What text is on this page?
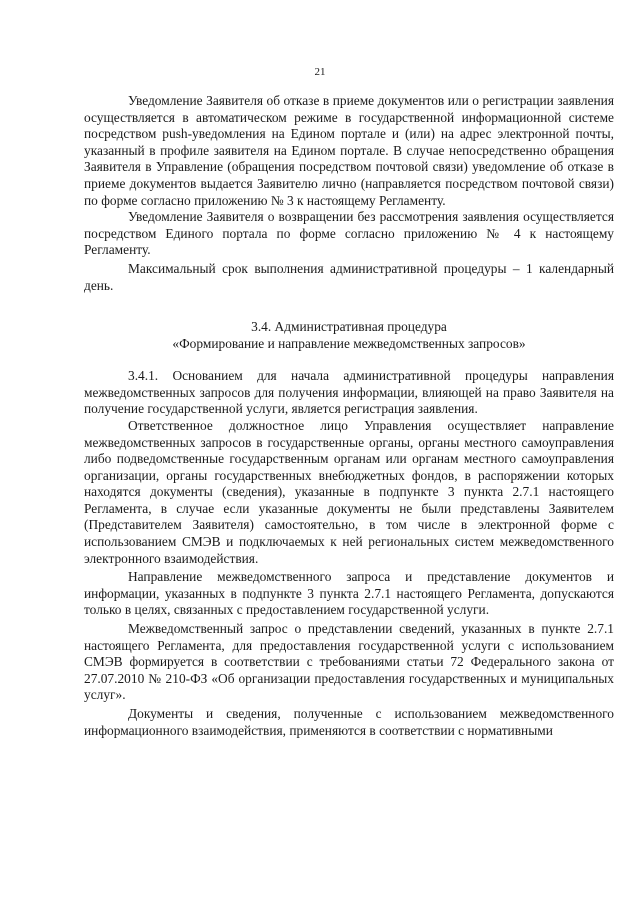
21

Уведомление Заявителя об отказе в приеме документов или о регистрации заявления осуществляется в автоматическом режиме в государственной информационной системе посредством push-уведомления на Едином портале и (или) на адрес электронной почты, указанный в профиле заявителя на Едином портале. В случае непосредственно обращения Заявителя в Управление (обращения посредством почтовой связи) уведомление об отказе в приеме документов выдается Заявителю лично (направляется посредством почтовой связи) по форме согласно приложению № 3 к настоящему Регламенту.

Уведомление Заявителя о возвращении без рассмотрения заявления осуществляется посредством Единого портала по форме согласно приложению № 4 к настоящему Регламенту.

Максимальный срок выполнения административной процедуры – 1 календарный день.

3.4. Административная процедура

«Формирование и направление межведомственных запросов»

3.4.1. Основанием для начала административной процедуры направления межведомственных запросов для получения информации, влияющей на право Заявителя на получение государственной услуги, является регистрация заявления.

Ответственное должностное лицо Управления осуществляет направление межведомственных запросов в государственные органы, органы местного самоуправления либо подведомственные государственным органам или органам местного самоуправления организации, органы государственных внебюджетных фондов, в распоряжении которых находятся документы (сведения), указанные в подпункте 3 пункта 2.7.1 настоящего Регламента, в случае если указанные документы не были представлены Заявителем (Представителем Заявителя) самостоятельно, в том числе в электронной форме с использованием СМЭВ и подключаемых к ней региональных систем межведомственного электронного взаимодействия.

Направление межведомственного запроса и представление документов и информации, указанных в подпункте 3 пункта 2.7.1 настоящего Регламента, допускаются только в целях, связанных с предоставлением государственной услуги.

Межведомственный запрос о представлении сведений, указанных в пункте 2.7.1 настоящего Регламента, для предоставления государственной услуги с использованием СМЭВ формируется в соответствии с требованиями статьи 72 Федерального закона от 27.07.2010 № 210-ФЗ «Об организации предоставления государственных и муниципальных услуг».

Документы и сведения, полученные с использованием межведомственного информационного взаимодействия, применяются в соответствии с нормативными
